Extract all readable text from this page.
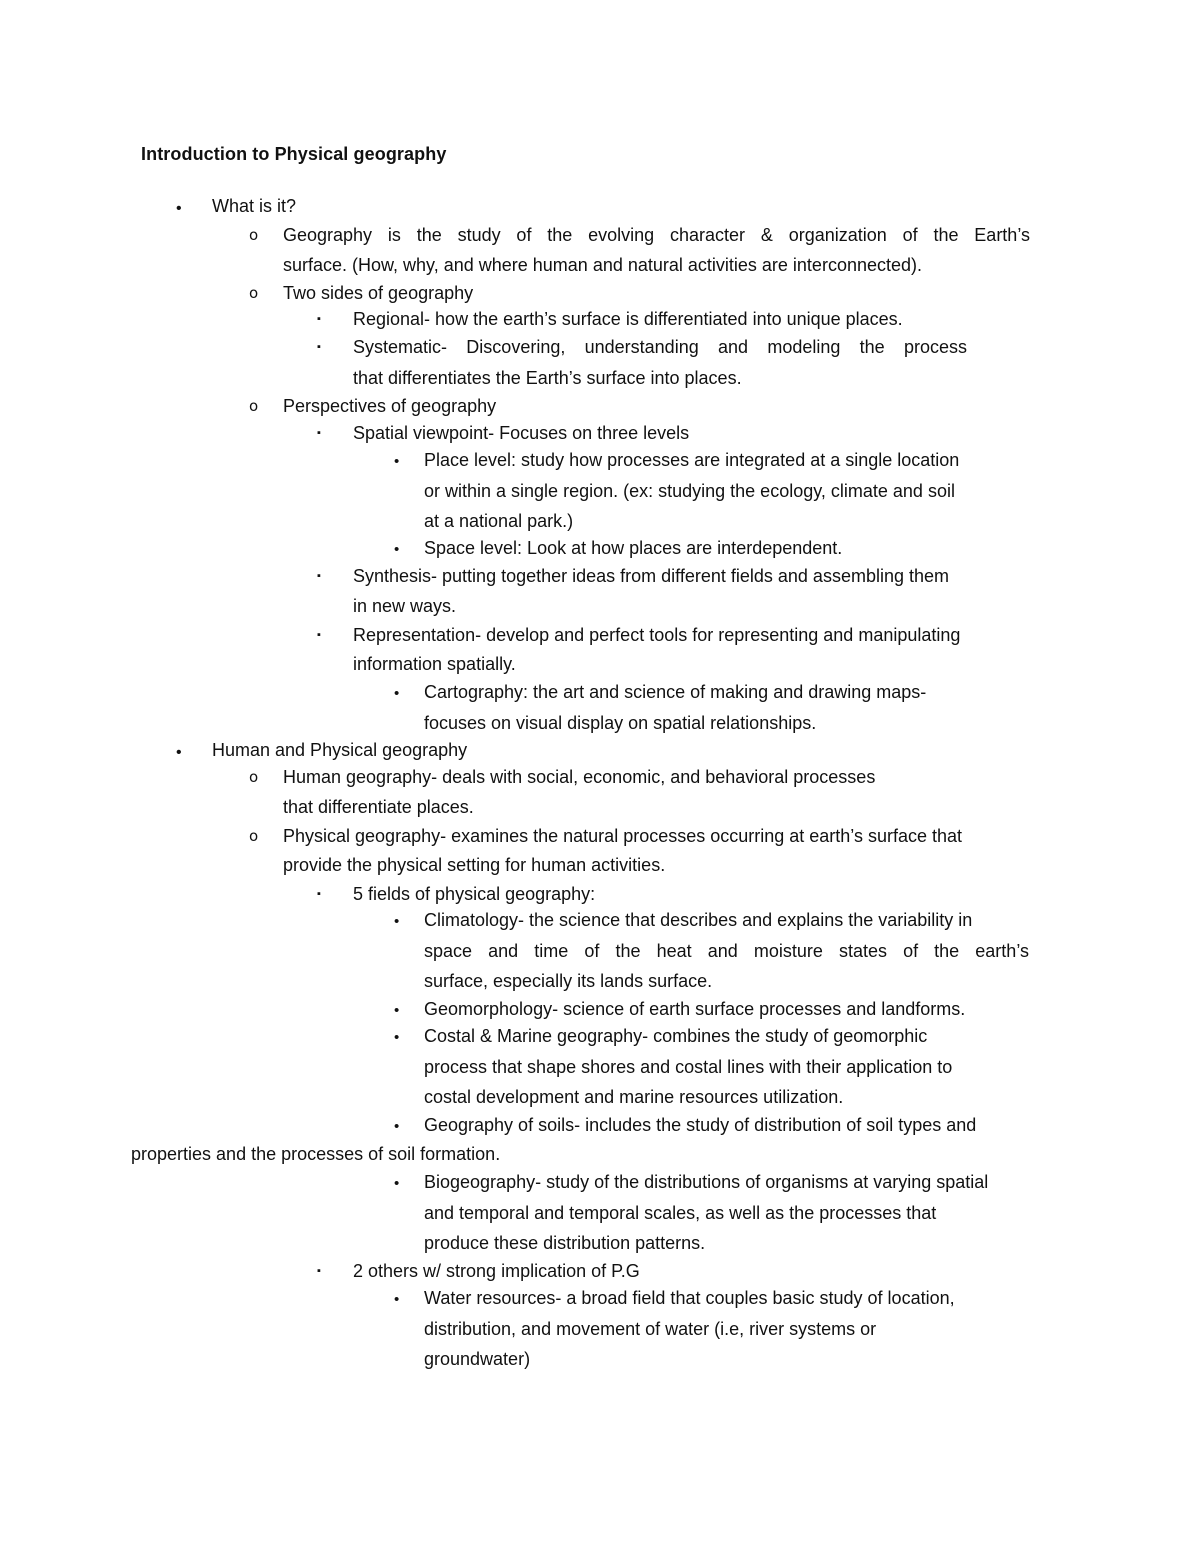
Introduction to Physical geography
• What is it?
o Geography is the study of the evolving character & organization of the Earth’s
surface. (How, why, and where human and natural activities are interconnected).
o Two sides of geography
▪ Regional- how the earth’s surface is differentiated into unique places.
▪ Systematic- Discovering, understanding and modeling the process
that differentiates the Earth’s surface into places.
o Perspectives of geography
▪ Spatial viewpoint- Focuses on three levels
• Place level: study how processes are integrated at a single location
or within a single region. (ex: studying the ecology, climate and soil
at a national park.)
• Space level: Look at how places are interdependent.
▪ Synthesis- putting together ideas from different fields and assembling them
in new ways.
▪ Representation- develop and perfect tools for representing and manipulating
information spatially.
• Cartography: the art and science of making and drawing maps-
focuses on visual display on spatial relationships.
• Human and Physical geography
o Human geography- deals with social, economic, and behavioral processes
that differentiate places.
o Physical geography- examines the natural processes occurring at earth’s surface that
provide the physical setting for human activities.
▪ 5 fields of physical geography:
• Climatology- the science that describes and explains the variability in
space and time of the heat and moisture states of the earth’s
surface, especially its lands surface.
• Geomorphology- science of earth surface processes and landforms.
• Costal & Marine geography- combines the study of geomorphic
process that shape shores and costal lines with their application to
costal development and marine resources utilization.
• Geography of soils- includes the study of distribution of soil types and
properties and the processes of soil formation.
• Biogeography- study of the distributions of organisms at varying spatial
and temporal and temporal scales, as well as the processes that
produce these distribution patterns.
▪ 2 others w/ strong implication of P.G
• Water resources- a broad field that couples basic study of location,
distribution, and movement of water (i.e, river systems or
groundwater)
